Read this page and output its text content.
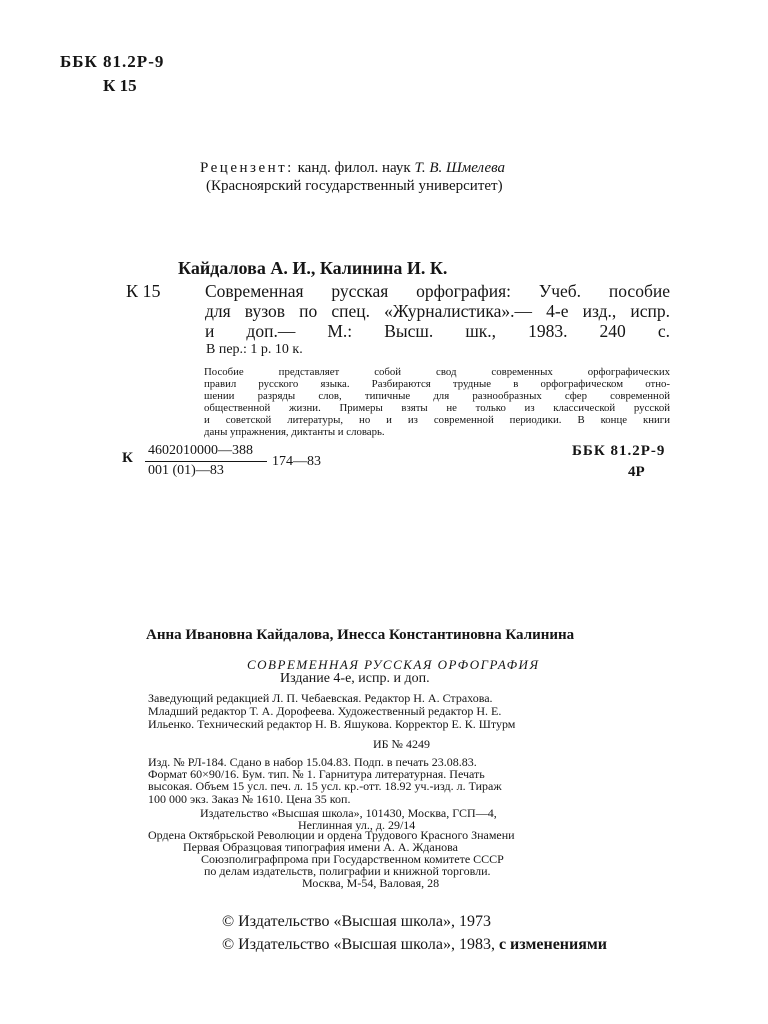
ББК 81.2Р-9
К 15
Рецензент: канд. филол. наук Т. В. Шмелева
(Красноярский государственный университет)
Кайдалова А. И., Калинина И. К.
К 15	Современная русская орфография: Учеб. пособие
для вузов по спец. «Журналистика».— 4-е изд., испр.
и доп.— М.: Высш. шк., 1983. 240 с.
В пер.: 1 р. 10 к.
Пособие представляет собой свод современных орфографических
правил русского языка. Разбираются трудные в орфографическом отно-
шении разряды слов, типичные для разнообразных сфер современной
общественной жизни. Примеры взяты не только из классической русской
и советской литературы, но и из современной периодики. В конце книги
даны упражнения, диктанты и словарь.
К 4602010000—388
001 (01)—83
174—83
ББК 81.2Р-9
4Р
Анна Ивановна Кайдалова, Инесса Константиновна Калинина
СОВРЕМЕННАЯ РУССКАЯ ОРФОГРАФИЯ
Издание 4-е, испр. и доп.
Заведующий редакцией Л. П. Чебаевская. Редактор Н. А. Страхова.
Младший редактор Т. А. Дорофеева. Художественный редактор Н. Е.
Ильенко. Технический редактор Н. В. Яшукова. Корректор Е. К. Штурм
ИБ № 4249
Изд. № РЛ-184. Сдано в набор 15.04.83. Подп. в печать 23.08.83.
Формат 60×90/16. Бум. тип. № 1. Гарнитура литературная. Печать
высокая. Объем 15 усл. печ. л. 15 усл. кр.-отт. 18.92 уч.-изд. л. Тираж
100 000 экз. Заказ № 1610. Цена 35 коп.
Издательство «Высшая школа», 101430, Москва, ГСП—4,
Неглинная ул., д. 29/14
Ордена Октябрьской Революции и ордена Трудового Красного Знамени
Первая Образцовая типография имени А. А. Жданова
Союзполиграфпрома при Государственном комитете СССР
по делам издательств, полиграфии и книжной торговли.
Москва, М-54, Валовая, 28
© Издательство «Высшая школа», 1973
© Издательство «Высшая школа», 1983, с изменениями
